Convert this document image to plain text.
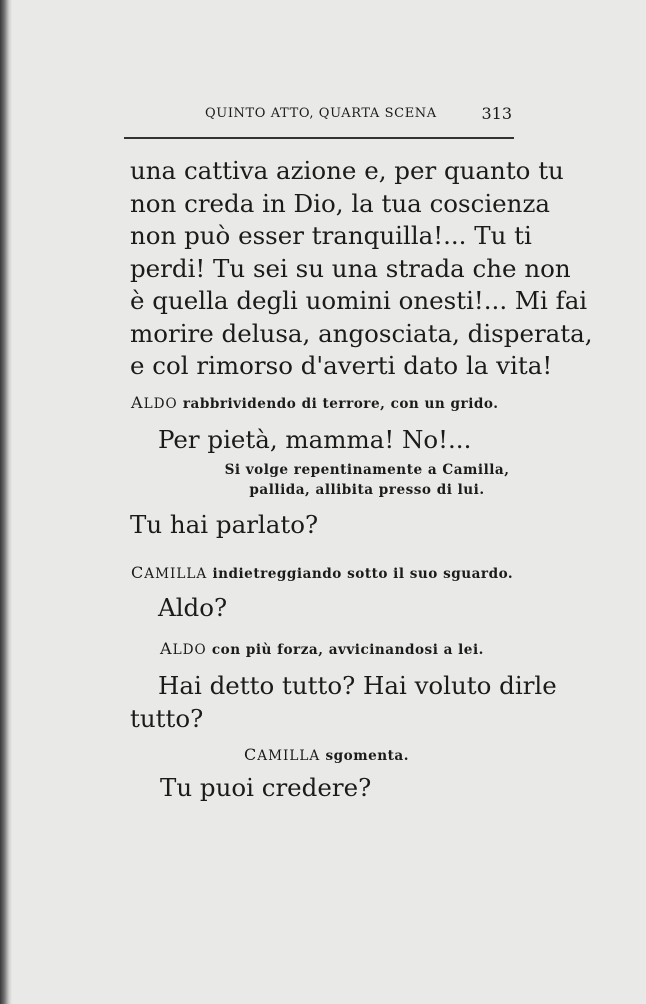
QUINTO ATTO, QUARTA SCENA	313
una cattiva azione e, per quanto tu
non creda in Dio, la tua coscienza
non può esser tranquilla!... Tu ti
perdi! Tu sei su una strada che non
è quella degli uomini onesti!... Mi fai
morire delusa, angosciata, disperata,
e col rimorso d'averti dato la vita!
ALDO rabbrividendo di terrore, con un grido.
Per pietà, mamma! No!...
Si volge repentinamente a Camilla,
pallida, allibita presso di lui.
Tu hai parlato?
CAMILLA indietreggiando sotto il suo sguardo.
Aldo?
ALDO con più forza, avvicinandosi a lei.
Hai detto tutto? Hai voluto dirle
tutto?
CAMILLA sgomenta.
Tu puoi credere?
